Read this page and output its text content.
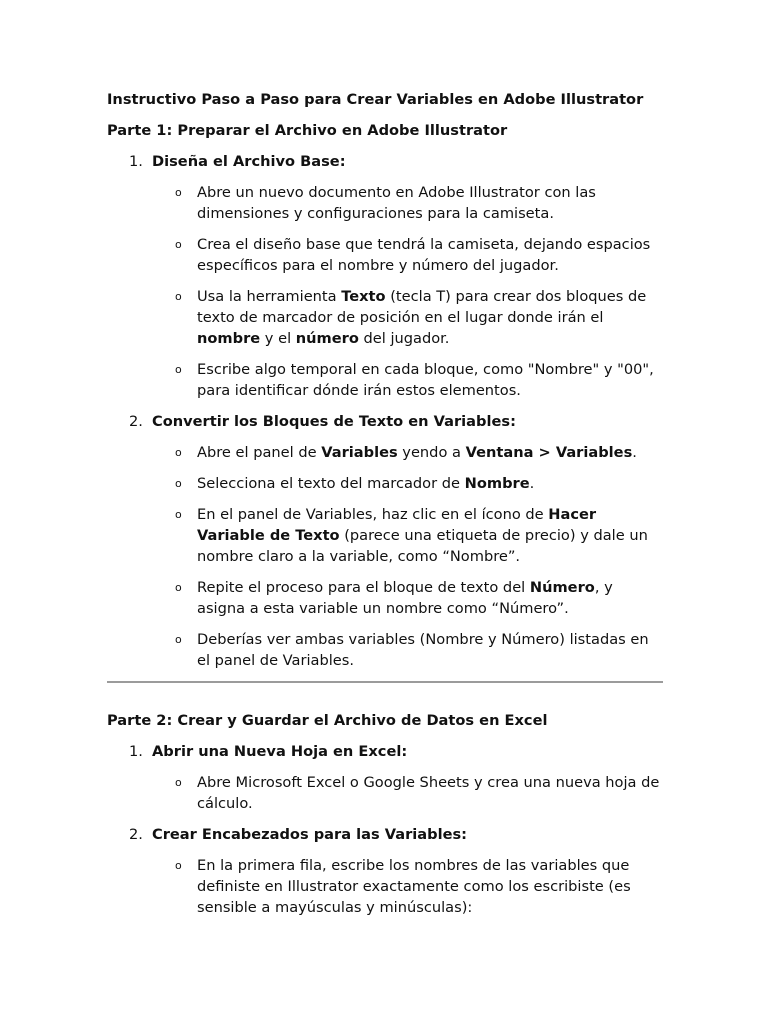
Instructivo Paso a Paso para Crear Variables en Adobe Illustrator
Parte 1: Preparar el Archivo en Adobe Illustrator
1. Diseña el Archivo Base:
o	Abre un nuevo documento en Adobe Illustrator con las dimensiones y configuraciones para la camiseta.
o	Crea el diseño base que tendrá la camiseta, dejando espacios específicos para el nombre y número del jugador.
o	Usa la herramienta Texto (tecla T) para crear dos bloques de texto de marcador de posición en el lugar donde irán el nombre y el número del jugador.
o	Escribe algo temporal en cada bloque, como "Nombre" y "00", para identificar dónde irán estos elementos.
2. Convertir los Bloques de Texto en Variables:
o	Abre el panel de Variables yendo a Ventana > Variables.
o	Selecciona el texto del marcador de Nombre.
o	En el panel de Variables, haz clic en el ícono de Hacer Variable de Texto (parece una etiqueta de precio) y dale un nombre claro a la variable, como “Nombre”.
o	Repite el proceso para el bloque de texto del Número, y asigna a esta variable un nombre como “Número”.
o	Deberías ver ambas variables (Nombre y Número) listadas en el panel de Variables.
Parte 2: Crear y Guardar el Archivo de Datos en Excel
1. Abrir una Nueva Hoja en Excel:
o	Abre Microsoft Excel o Google Sheets y crea una nueva hoja de cálculo.
2. Crear Encabezados para las Variables:
o	En la primera fila, escribe los nombres de las variables que definiste en Illustrator exactamente como los escribiste (es sensible a mayúsculas y minúsculas):
